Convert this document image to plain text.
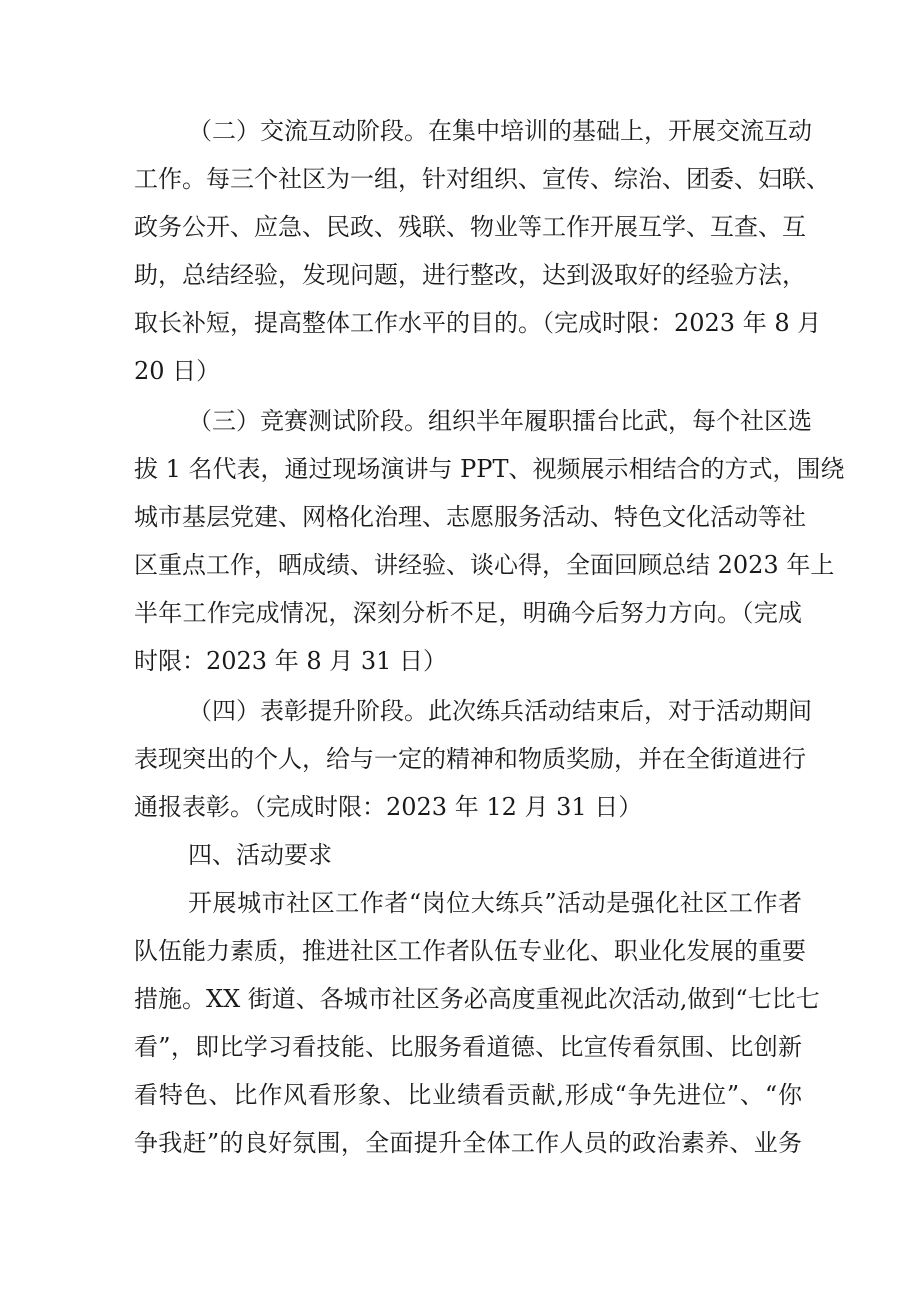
（二）交流互动阶段。在集中培训的基础上，开展交流互动
工作。每三个社区为一组，针对组织、宣传、综治、团委、妇联、
政务公开、应急、民政、残联、物业等工作开展互学、互查、互
助，总结经验，发现问题，进行整改，达到汲取好的经验方法，
取长补短，提高整体工作水平的目的。（完成时限：2023 年 8 月
20 日）
（三）竞赛测试阶段。组织半年履职擂台比武，每个社区选
拔 1 名代表，通过现场演讲与 PPT、视频展示相结合的方式，围绕
城市基层党建、网格化治理、志愿服务活动、特色文化活动等社
区重点工作，晒成绩、讲经验、谈心得，全面回顾总结 2023 年上
半年工作完成情况，深刻分析不足，明确今后努力方向。（完成
时限：2023 年 8 月 31 日）
（四）表彰提升阶段。此次练兵活动结束后，对于活动期间
表现突出的个人，给与一定的精神和物质奖励，并在全街道进行
通报表彰。（完成时限：2023 年 12 月 31 日）
四、活动要求
开展城市社区工作者“岗位大练兵”活动是强化社区工作者
队伍能力素质，推进社区工作者队伍专业化、职业化发展的重要
措施。XX 街道、各城市社区务必高度重视此次活动,做到“七比七
看”，即比学习看技能、比服务看道德、比宣传看氛围、比创新
看特色、比作风看形象、比业绩看贡献,形成“争先进位”、“你
争我赶”的良好氛围，全面提升全体工作人员的政治素养、业务
